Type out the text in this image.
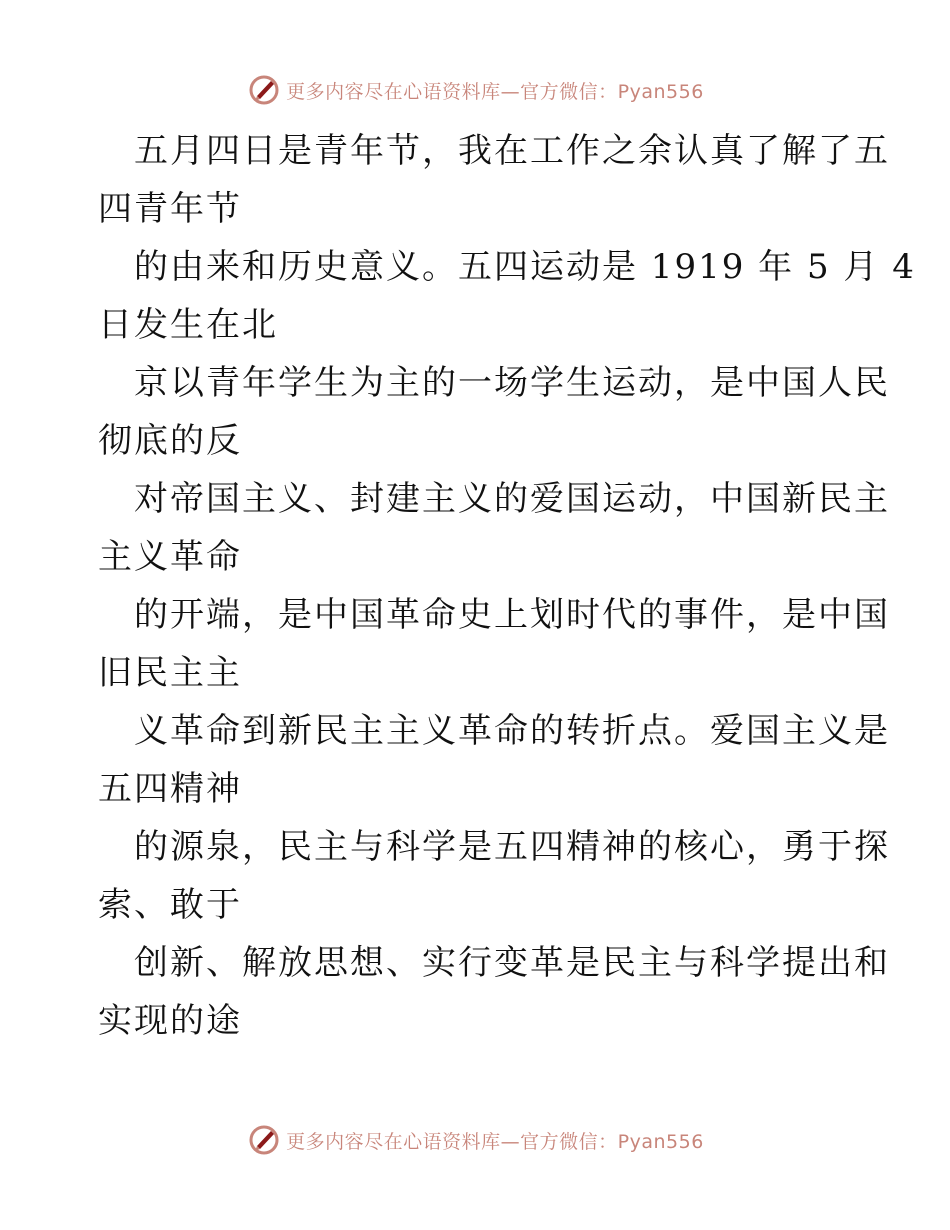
更多内容尽在心语资料库—官方微信：Pyan556
五月四日是青年节，我在工作之余认真了解了五
四青年节
的由来和历史意义。五四运动是 1919 年 5 月 4
日发生在北
京以青年学生为主的一场学生运动，是中国人民
彻底的反
对帝国主义、封建主义的爱国运动，中国新民主
主义革命
的开端，是中国革命史上划时代的事件，是中国
旧民主主
义革命到新民主主义革命的转折点。爱国主义是
五四精神
的源泉，民主与科学是五四精神的核心，勇于探
索、敢于
创新、解放思想、实行变革是民主与科学提出和
实现的途
更多内容尽在心语资料库—官方微信：Pyan556
